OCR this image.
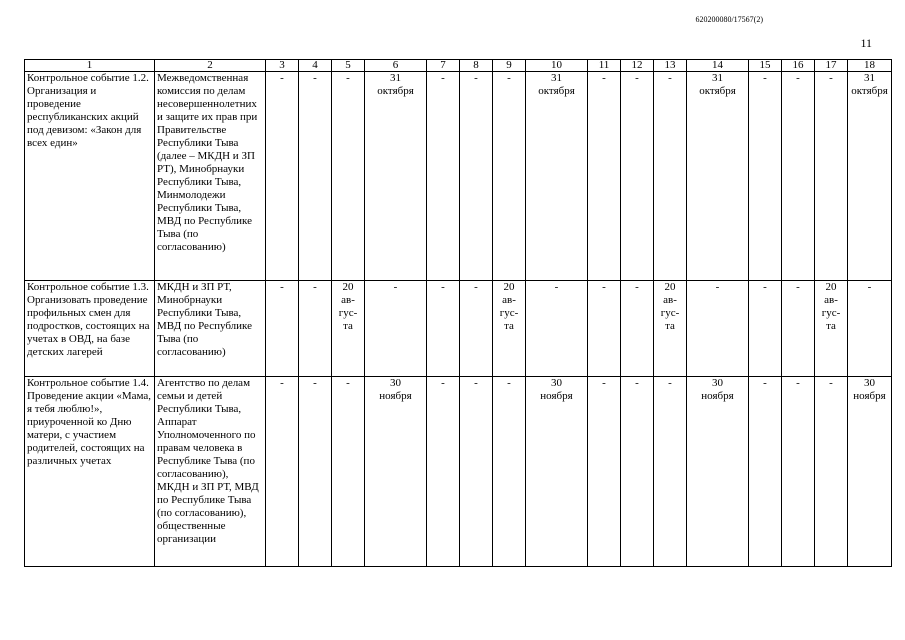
620200080/17567(2)
11
1	2	3	4	5	6	7	8	9	10	11	12	13	14	15	16	17	18
Контрольное событие 1.2. Организация и проведение республиканских акций под девизом: «Закон для всех един»	Межведомственная комиссия по делам несовершеннолетних и защите их прав при Правительстве Республики Тыва (далее – МКДН и ЗП РТ), Минобрнауки Республики Тыва, Минмолодежи Республики Тыва, МВД по Республике Тыва (по согласованию)	-	-	-	31
октября	-	-	-	31
октября	-	-	-	31
октября	-	-	-	31
октября
Контрольное событие 1.3. Организовать проведение профильных смен для подростков, состоящих на учетах в ОВД, на базе детских лагерей	МКДН и ЗП РТ, Минобрнауки Республики Тыва, МВД по Республике Тыва (по согласованию)	-	-	20
ав-
гус-
та	-	-	-	20
ав-
гус-
та	-	-	-	20
ав-
гус-
та	-	-	-	20
ав-
гус-
та	-
Контрольное событие 1.4. Проведение акции «Мама, я тебя люблю!», приуроченной ко Дню матери, с участием родителей, состоящих на различных учетах	Агентство по делам семьи и детей Республики Тыва, Аппарат Уполномоченного по правам человека в Республике Тыва (по согласованию), МКДН и ЗП РТ, МВД по Республике Тыва (по согласованию), общественные организации	-	-	-	30
ноября	-	-	-	30
ноября	-	-	-	30
ноября	-	-	-	30
ноября
